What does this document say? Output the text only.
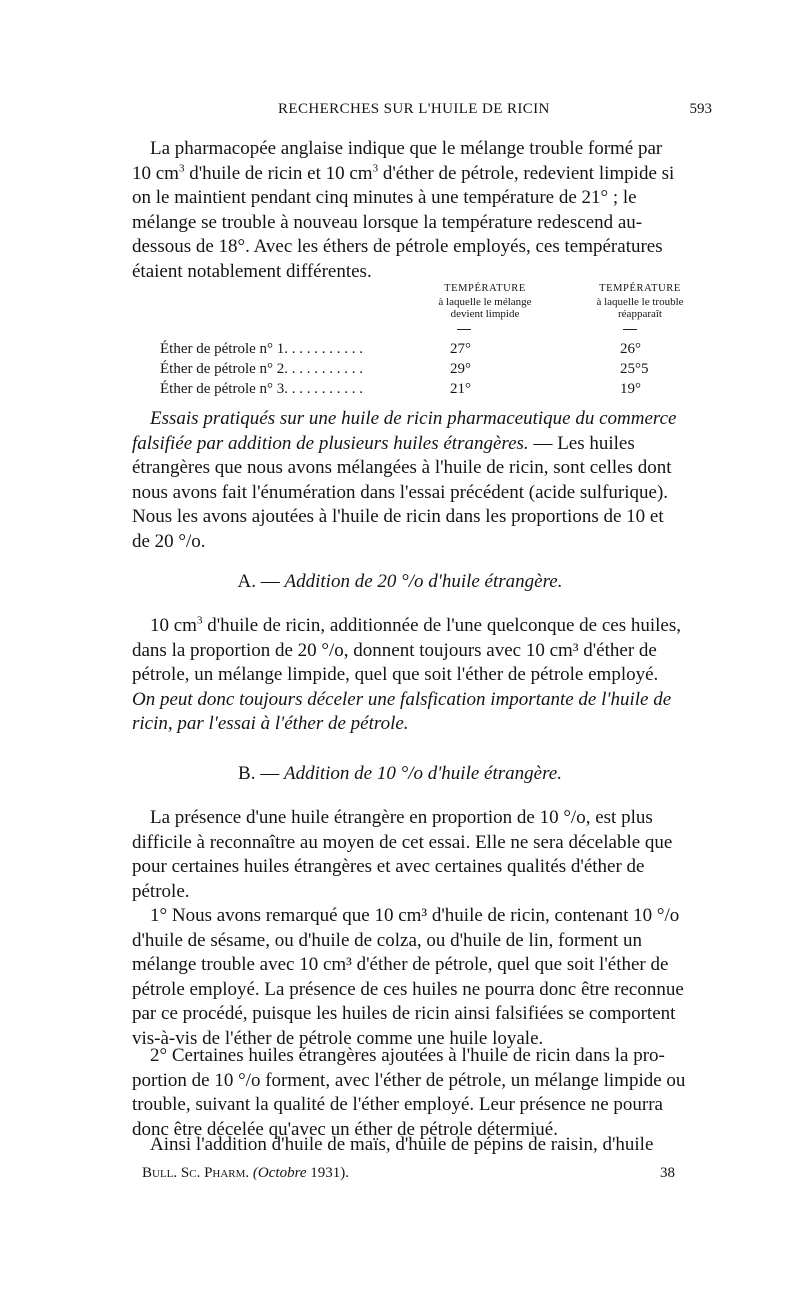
RECHERCHES SUR L'HUILE DE RICIN	593

La pharmacopée anglaise indique que le mélange trouble formé par

10 $cm^3$ d'huile de ricin et 10 $cm^3$ d'éther de pétrole, redevient limpide si

on le maintient pendant cinq minutes à une température de 21° ; le

mélange se trouble à nouveau lorsque la température redescend au-

dessous de 18°. Avec les éthers de pétrole employés, ces températures

étaient notablement différentes.

TEMPÉRATURE
à laquelle le mélange
devient limpide
TEMPÉRATURE
à laquelle le trouble
réapparaît
Éther de pétrole n° 1. . . . . . . . . . .	27°	26°
Éther de pétrole n° 2. . . . . . . . . . .	29°	25°5
Éther de pétrole n° 3. . . . . . . . . . .	21°	19°

Essais pratiqués sur une huile de ricin pharmaceutique du commerce

falsifiée par addition de plusieurs huiles étrangères. — Les huiles

étrangères que nous avons mélangées à l'huile de ricin, sont celles dont

nous avons fait l'énumération dans l'essai précédent (acide sulfurique).

Nous les avons ajoutées à l'huile de ricin dans les proportions de 10 et

de 20 °/o.

A. — Addition de 20 °/o d'huile étrangère.

10 $cm^3$ d'huile de ricin, additionnée de l'une quelconque de ces huiles,

dans la proportion de 20 °/o, donnent toujours avec 10 cm³ d'éther de

pétrole, un mélange limpide, quel que soit l'éther de pétrole employé.

On peut donc toujours déceler une falsfication importante de l'huile de

ricin, par l'essai à l'éther de pétrole.

B. — Addition de 10 °/o d'huile étrangère.

La présence d'une huile étrangère en proportion de 10 °/o, est plus

difficile à reconnaître au moyen de cet essai. Elle ne sera décelable que

pour certaines huiles étrangères et avec certaines qualités d'éther de

pétrole.

1° Nous avons remarqué que 10 cm³ d'huile de ricin, contenant 10 °/o

d'huile de sésame, ou d'huile de colza, ou d'huile de lin, forment un

mélange trouble avec 10 cm³ d'éther de pétrole, quel que soit l'éther de

pétrole employé. La présence de ces huiles ne pourra donc être reconnue

par ce procédé, puisque les huiles de ricin ainsi falsifiées se comportent

vis-à-vis de l'éther de pétrole comme une huile loyale.

2° Certaines huiles étrangères ajoutées à l'huile de ricin dans la pro-

portion de 10 °/o forment, avec l'éther de pétrole, un mélange limpide ou

trouble, suivant la qualité de l'éther employé. Leur présence ne pourra

donc être décelée qu'avec un éther de pétrole détermiué.

Ainsi l'addition d'huile de maïs, d'huile de pépins de raisin, d'huile

Bull. Sc. Pharm. (Octobre 1931).	38
